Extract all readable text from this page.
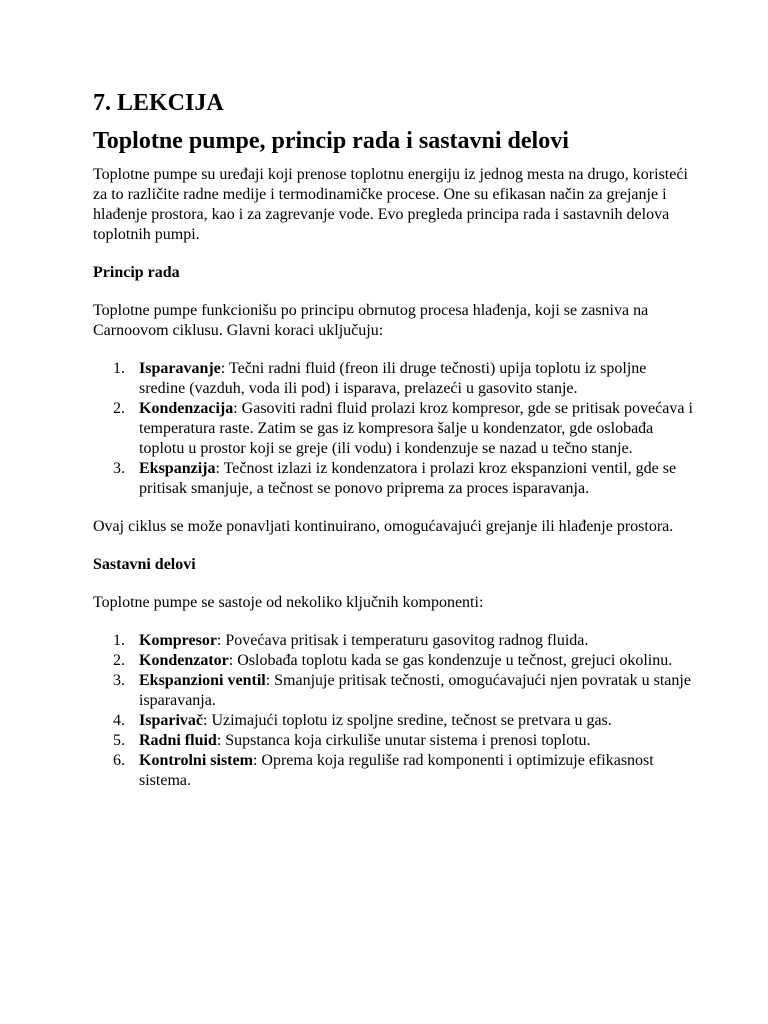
7. LEKCIJA
Toplotne pumpe, princip rada i sastavni delovi

Toplotne pumpe su uređaji koji prenose toplotnu energiju iz jednog mesta na drugo, koristeći za to različite radne medije i termodinamičke procese. One su efikasan način za grejanje i hlađenje prostora, kao i za zagrevanje vode. Evo pregleda principa rada i sastavnih delova toplotnih pumpi.

Princip rada

Toplotne pumpe funkcionišu po principu obrnutog procesa hlađenja, koji se zasniva na Carnoovom ciklusu. Glavni koraci uključuju:

1. Isparavanje: Tečni radni fluid (freon ili druge tečnosti) upija toplotu iz spoljne sredine (vazduh, voda ili pod) i isparava, prelazeći u gasovito stanje.
2. Kondenzacija: Gasoviti radni fluid prolazi kroz kompresor, gde se pritisak povećava i temperatura raste. Zatim se gas iz kompresora šalje u kondenzator, gde oslobađa toplotu u prostor koji se greje (ili vodu) i kondenzuje se nazad u tečno stanje.
3. Ekspanzija: Tečnost izlazi iz kondenzatora i prolazi kroz ekspanzioni ventil, gde se pritisak smanjuje, a tečnost se ponovo priprema za proces isparavanja.

Ovaj ciklus se može ponavljati kontinuirano, omogućavajući grejanje ili hlađenje prostora.

Sastavni delovi

Toplotne pumpe se sastoje od nekoliko ključnih komponenti:

1. Kompresor: Povećava pritisak i temperaturu gasovitog radnog fluida.
2. Kondenzator: Oslobađa toplotu kada se gas kondenzuje u tečnost, grejuci okolinu.
3. Ekspanzioni ventil: Smanjuje pritisak tečnosti, omogućavajući njen povratak u stanje isparavanja.
4. Isparivač: Uzimajući toplotu iz spoljne sredine, tečnost se pretvara u gas.
5. Radni fluid: Supstanca koja cirkuliše unutar sistema i prenosi toplotu.
6. Kontrolni sistem: Oprema koja reguliše rad komponenti i optimizuje efikasnost sistema.
